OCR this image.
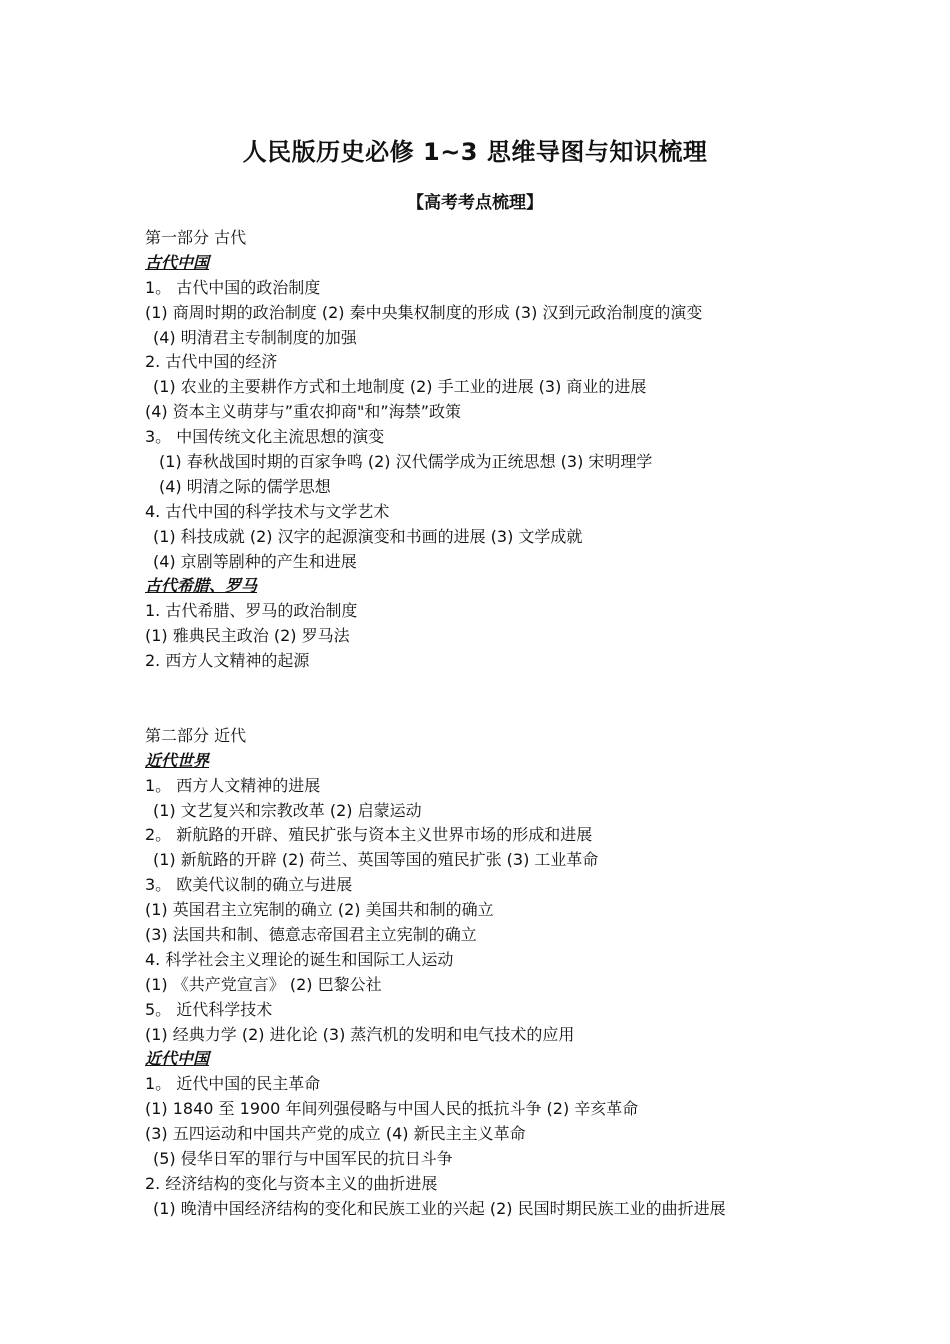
人民版历史必修 1~3 思维导图与知识梳理
【高考考点梳理】
第一部分 古代
古代中国
1。 古代中国的政治制度
(1) 商周时期的政治制度 (2) 秦中央集权制度的形成 (3) 汉到元政治制度的演变
(4) 明清君主专制制度的加强
2. 古代中国的经济
(1) 农业的主要耕作方式和土地制度 (2) 手工业的进展 (3) 商业的进展
(4) 资本主义萌芽与”重农抑商"和”海禁”政策
3。 中国传统文化主流思想的演变
(1) 春秋战国时期的百家争鸣 (2) 汉代儒学成为正统思想 (3) 宋明理学
(4) 明清之际的儒学思想
4. 古代中国的科学技术与文学艺术
(1) 科技成就 (2) 汉字的起源演变和书画的进展 (3) 文学成就
(4) 京剧等剧种的产生和进展
古代希腊、罗马
1. 古代希腊、罗马的政治制度
(1) 雅典民主政治 (2) 罗马法
2. 西方人文精神的起源
第二部分 近代
近代世界
1。 西方人文精神的进展
(1) 文艺复兴和宗教改革 (2) 启蒙运动
2。 新航路的开辟、殖民扩张与资本主义世界市场的形成和进展
(1) 新航路的开辟 (2) 荷兰、英国等国的殖民扩张 (3) 工业革命
3。 欧美代议制的确立与进展
(1) 英国君主立宪制的确立 (2) 美国共和制的确立
(3) 法国共和制、德意志帝国君主立宪制的确立
4. 科学社会主义理论的诞生和国际工人运动
(1) 《共产党宣言》 (2) 巴黎公社
5。 近代科学技术
(1) 经典力学 (2) 进化论 (3) 蒸汽机的发明和电气技术的应用
近代中国
1。 近代中国的民主革命
(1) 1840 至 1900 年间列强侵略与中国人民的抵抗斗争 (2) 辛亥革命
(3) 五四运动和中国共产党的成立 (4) 新民主主义革命
(5) 侵华日军的罪行与中国军民的抗日斗争
2. 经济结构的变化与资本主义的曲折进展
(1) 晚清中国经济结构的变化和民族工业的兴起 (2) 民国时期民族工业的曲折进展
